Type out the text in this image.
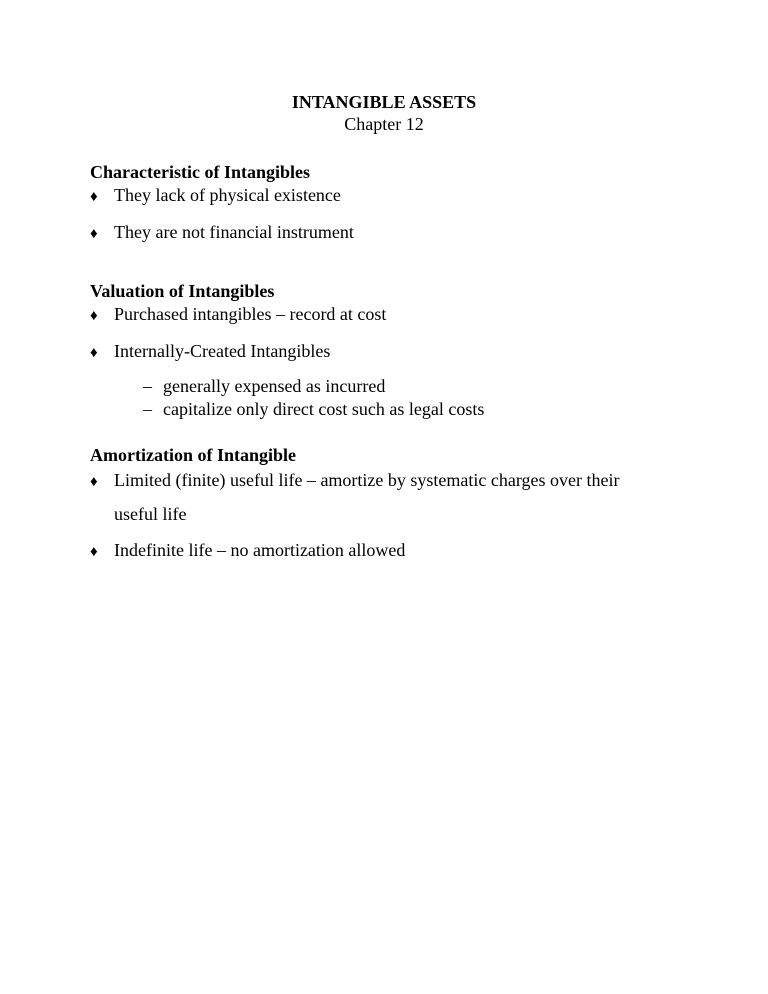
INTANGIBLE ASSETS
Chapter 12
Characteristic of Intangibles
♦ They lack of physical existence
♦ They are not financial instrument
Valuation of Intangibles
♦ Purchased intangibles – record at cost
♦ Internally-Created Intangibles
– generally expensed as incurred
– capitalize only direct cost such as legal costs
Amortization of Intangible
♦ Limited (finite) useful life – amortize by systematic charges over their
useful life
♦ Indefinite life – no amortization allowed
